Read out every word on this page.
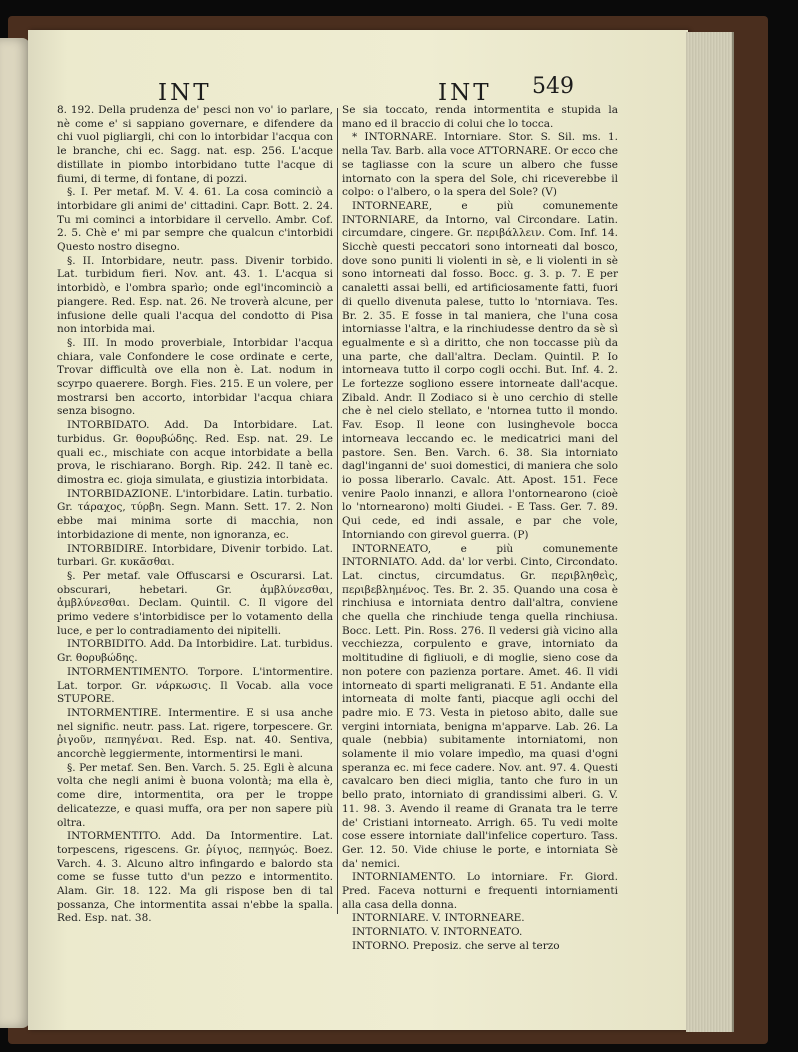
INT	INT 549

8. 192. Della prudenza de' pesci non vo' io parlare, nè come e' si sappiano governare, e difendere da chi vuol pigliargli, chi con lo intorbidar l'acqua con le branche, chi ec. Sagg. nat. esp. 256. L'acque distillate in piombo intorbidano tutte l'acque di fiumi, di terme, di fontane, di pozzi.

§. I. Per metaf. M. V. 4. 61. La cosa cominciò a intorbidare gli animi de' cittadini. Capr. Bott. 2. 24. Tu mi cominci a intorbidare il cervello. Ambr. Cof. 2. 5. Chè e' mi par sempre che qualcun c'intorbidi Questo nostro disegno.

§. II. Intorbidare, neutr. pass. Divenir torbido. Lat. turbidum fieri. Nov. ant. 43. 1. L'acqua si intorbidò, e l'ombra sparìo; onde egl'incominciò a piangere. Red. Esp. nat. 26. Ne troverà alcune, per infusione delle quali l'acqua del condotto di Pisa non intorbida mai.

§. III. In modo proverbiale, Intorbidar l'acqua chiara, vale Confondere le cose ordinate e certe, Trovar difficultà ove ella non è. Lat. nodum in scyrpo quaerere. Borgh. Fies. 215. E un volere, per mostrarsi ben accorto, intorbidar l'acqua chiara senza bisogno.

INTORBIDATO. Add. Da Intorbidare. Lat. turbidus. Gr. θορυβώδης. Red. Esp. nat. 29. Le quali ec., mischiate con acque intorbidate a bella prova, le rischiarano. Borgh. Rip. 242. Il tanè ec. dimostra ec. gioja simulata, e giustizia intorbidata.

INTORBIDAZIONE. L'intorbidare. Latin. turbatio. Gr. τάραχος, τύρβη. Segn. Mann. Sett. 17. 2. Non ebbe mai minima sorte di macchia, non intorbidazione di mente, non ignoranza, ec.

INTORBIDIRE. Intorbidare, Divenir torbido. Lat. turbari. Gr. κυκᾶσθαι.

§. Per metaf. vale Offuscarsi e Oscurarsi. Lat. obscurari, hebetari. Gr. ἀμβλύνεσθαι, ἀμβλύνεσθαι. Declam. Quintil. C. Il vigore del primo vedere s'intorbidisce per lo votamento della luce, e per lo contradiamento dei nipitelli.

INTORBIDITO. Add. Da Intorbidire. Lat. turbidus. Gr. θορυβώδης.

INTORMENTIMENTO. Torpore. L'intormentire. Lat. torpor. Gr. νάρκωσις. Il Vocab. alla voce STUPORE.

INTORMENTIRE. Intermentire. E si usa anche nel signific. neutr. pass. Lat. rigere, torpescere. Gr. ῥιγοῦν, πεπηγέναι. Red. Esp. nat. 40. Sentiva, ancorchè leggiermente, intormentirsi le mani.

§. Per metaf. Sen. Ben. Varch. 5. 25. Egli è alcuna volta che negli animi è buona volontà; ma ella è, come dire, intormentita, ora per le troppe delicatezze, e quasi muffa, ora per non sapere più oltra.

INTORMENTITO. Add. Da Intormentire. Lat. torpescens, rigescens. Gr. ῥίγιος, πεπηγώς. Boez. Varch. 4. 3. Alcuno altro infingardo e balordo sta come se fusse tutto d'un pezzo e intormentito. Alam. Gir. 18. 122. Ma gli rispose ben di tal possanza, Che intormentita assai n'ebbe la spalla. Red. Esp. nat. 38.

Se sia toccato, renda intormentita e stupida la mano ed il braccio di colui che lo tocca.

* INTORNARE. Intorniare. Stor. S. Sil. ms. 1. nella Tav. Barb. alla voce ATTORNARE. Or ecco che se tagliasse con la scure un albero che fusse intornato con la spera del Sole, chi riceverebbe il colpo: o l'albero, o la spera del Sole? (V)

INTORNEARE, e più comunemente INTORNIARE, da Intorno, val Circondare. Latin. circumdare, cingere. Gr. περιβάλλειν. Com. Inf. 14. Sicchè questi peccatori sono intorneati dal bosco, dove sono puniti li violenti in sè, e li violenti in sè sono intorneati dal fosso. Bocc. g. 3. p. 7. E per canaletti assai belli, ed artificiosamente fatti, fuori di quello divenuta palese, tutto lo 'ntorniava. Tes. Br. 2. 35. E fosse in tal maniera, che l'una cosa intorniasse l'altra, e la rinchiudesse dentro da sè sì egualmente e sì a diritto, che non toccasse più da una parte, che dall'altra. Declam. Quintil. P. Io intorneava tutto il corpo cogli occhi. But. Inf. 4. 2. Le fortezze sogliono essere intorneate dall'acque. Zibald. Andr. Il Zodiaco si è uno cerchio di stelle che è nel cielo stellato, e 'ntornea tutto il mondo. Fav. Esop. Il leone con lusinghevole bocca intorneava leccando ec. le medicatrici mani del pastore. Sen. Ben. Varch. 6. 38. Sia intorniato dagl'inganni de' suoi domestici, di maniera che solo io possa liberarlo. Cavalc. Att. Apost. 151. Fece venire Paolo innanzi, e allora l'ontornearono (cioè lo 'ntornearono) molti Giudei. - E Tass. Ger. 7. 89. Qui cede, ed indi assale, e par che vole, Intorniando con girevol guerra. (P)

INTORNEATO, e più comunemente INTORNIATO. Add. da' lor verbi. Cinto, Circondato. Lat. cinctus, circumdatus. Gr. περιβληθεὶς, περιβεβλημένος. Tes. Br. 2. 35. Quando una cosa è rinchiusa e intorniata dentro dall'altra, conviene che quella che rinchiude tenga quella rinchiusa. Bocc. Lett. Pin. Ross. 276. Il vedersi già vicino alla vecchiezza, corpulento e grave, intorniato da moltitudine di figliuoli, e di moglie, sieno cose da non potere con pazienza portare. Amet. 46. Il vidi intorneato di sparti meligranati. E 51. Andante ella intorneata di molte fanti, piacque agli occhi del padre mio. E 73. Vesta in pietoso abito, dalle sue vergini intorniata, benigna m'apparve. Lab. 26. La quale (nebbia) subitamente intorniatomi, non solamente il mio volare impedìo, ma quasi d'ogni speranza ec. mi fece cadere. Nov. ant. 97. 4. Questi cavalcaro ben dieci miglia, tanto che furo in un bello prato, intorniato di grandissimi alberi. G. V. 11. 98. 3. Avendo il reame di Granata tra le terre de' Cristiani intorneato. Arrigh. 65. Tu vedi molte cose essere intorniate dall'infelice coperturo. Tass. Ger. 12. 50. Vide chiuse le porte, e intorniata Sè da' nemici.

INTORNIAMENTO. Lo intorniare. Fr. Giord. Pred. Faceva notturni e frequenti intorniamenti alla casa della donna.

INTORNIARE. V. INTORNEARE.

INTORNIATO. V. INTORNEATO.

INTORNO. Preposiz. che serve al terzo
